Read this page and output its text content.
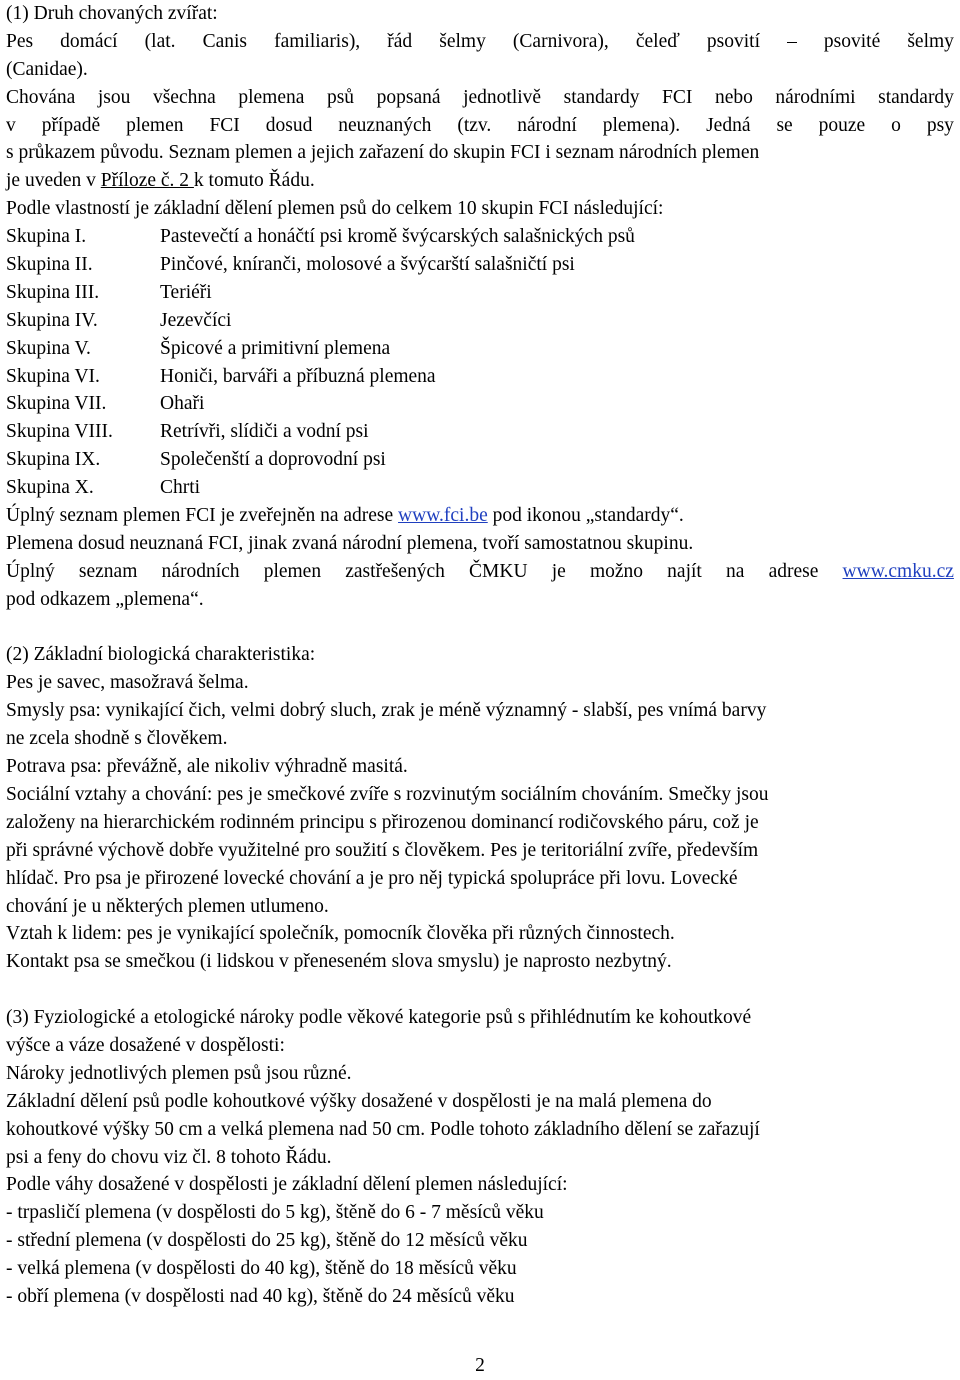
(1) Druh chovaných zvířat:
Pes domácí (lat. Canis familiaris), řád šelmy (Carnivora), čeleď psovití – psovité šelmy
(Canidae).
Chována jsou všechna plemena psů popsaná jednotlivě standardy FCI nebo národními standardy
v případě plemen FCI dosud neuznaných (tzv. národní plemena). Jedná se pouze o psy
s průkazem původu. Seznam plemen a jejich zařazení do skupin FCI i seznam národních plemen
je uveden v Příloze č. 2 k tomuto Řádu.
Podle vlastností je základní dělení plemen psů do celkem 10 skupin FCI následující:
Skupina I.	Pastevečtí a honáčtí psi kromě švýcarských salašnických psů
Skupina II.	Pinčové, kníranči, molosové a švýcarští salašničtí psi
Skupina III.	Teriéři
Skupina IV.	Jezevčíci
Skupina V.	Špicové a primitivní plemena
Skupina VI.	Honiči, barváři a příbuzná plemena
Skupina VII.	Ohaři
Skupina VIII. Retrívři, slídiči a vodní psi
Skupina IX.	Společenští a doprovodní psi
Skupina X.	Chrti
Úplný seznam plemen FCI je zveřejněn na adrese www.fci.be pod ikonou „standardy“.
Plemena dosud neuznaná FCI, jinak zvaná národní plemena, tvoří samostatnou skupinu.
Úplný seznam národních plemen zastřešených ČMKU je možno najít na adrese www.cmku.cz
pod odkazem „plemena“.
(2) Základní biologická charakteristika:
Pes je savec, masožravá šelma.
Smysly psa: vynikající čich, velmi dobrý sluch, zrak je méně významný - slabší, pes vnímá barvy
ne zcela shodně s člověkem.
Potrava psa: převážně, ale nikoliv výhradně masitá.
Sociální vztahy a chování: pes je smečkové zvíře s rozvinutým sociálním chováním. Smečky jsou
založeny na hierarchickém rodinném principu s přirozenou dominancí rodičovského páru, což je
při správné výchově dobře využitelné pro soužití s člověkem. Pes je teritoriální zvíře, především
hlídač. Pro psa je přirozené lovecké chování a je pro něj typická spolupráce při lovu. Lovecké
chování je u některých plemen utlumeno.
Vztah k lidem: pes je vynikající společník, pomocník člověka při různých činnostech.
Kontakt psa se smečkou (i lidskou v přeneseném slova smyslu) je naprosto nezbytný.
(3) Fyziologické a etologické nároky podle věkové kategorie psů s přihlédnutím ke kohoutkové
výšce a váze dosažené v dospělosti:
Nároky jednotlivých plemen psů jsou různé.
Základní dělení psů podle kohoutkové výšky dosažené v dospělosti je na malá plemena do
kohoutkové výšky 50 cm a velká plemena nad 50 cm. Podle tohoto základního dělení se zařazují
psi a feny do chovu viz čl. 8 tohoto Řádu.
Podle váhy dosažené v dospělosti je základní dělení plemen následující:
- trpasličí plemena (v dospělosti do 5 kg), štěně do 6 - 7 měsíců věku
- střední plemena (v dospělosti do 25 kg), štěně do 12 měsíců věku
- velká plemena (v dospělosti do 40 kg), štěně do 18 měsíců věku
- obří plemena (v dospělosti nad 40 kg), štěně do 24 měsíců věku
2
